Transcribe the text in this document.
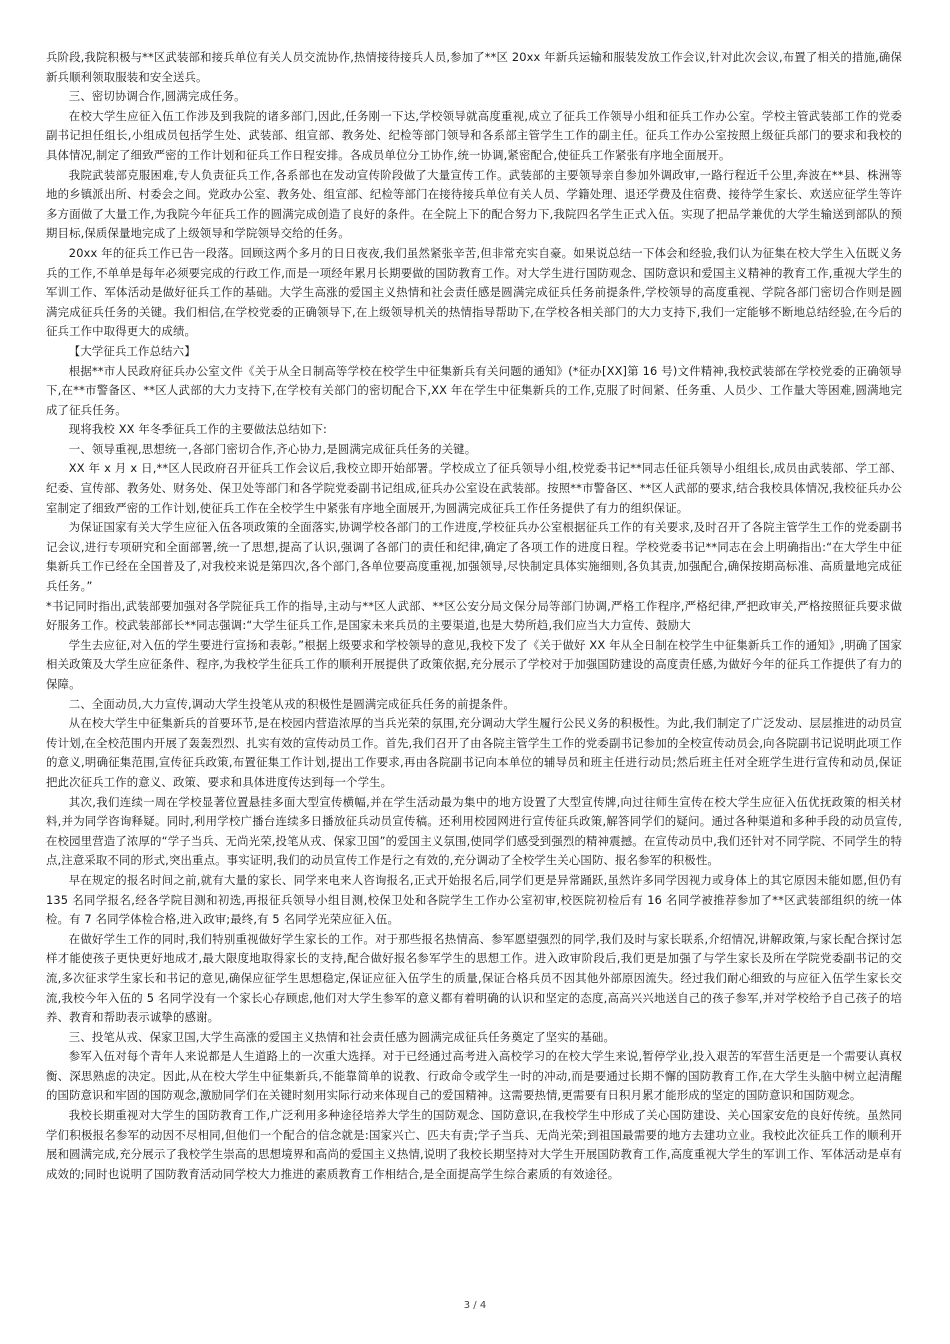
兵阶段,我院积极与**区武装部和接兵单位有关人员交流协作,热情接待接兵人员,参加了**区 20xx 年新兵运输和服装发放工作会议,针对此次会议,布置了相关的措施,确保新兵顺利领取服装和安全送兵。

三、密切协调合作,圆满完成任务。

在校大学生应征入伍工作涉及到我院的诸多部门,因此,任务刚一下达,学校领导就高度重视,成立了征兵工作领导小组和征兵工作办公室。学校主管武装部工作的党委副书记担任组长,小组成员包括学生处、武装部、组宣部、教务处、纪检等部门领导和各系部主管学生工作的副主任。征兵工作办公室按照上级征兵部门的要求和我校的具体情况,制定了细致严密的工作计划和征兵工作日程安排。各成员单位分工协作,统一协调,紧密配合,使征兵工作紧张有序地全面展开。

我院武装部克服困难,专人负责征兵工作,各系部也在发动宣传阶段做了大量宣传工作。武装部的主要领导亲自参加外调政审,一路行程近千公里,奔波在**县、株洲等地的乡镇派出所、村委会之间。党政办公室、教务处、组宣部、纪检等部门在接待接兵单位有关人员、学籍处理、退还学费及住宿费、接待学生家长、欢送应征学生等许多方面做了大量工作,为我院今年征兵工作的圆满完成创造了良好的条件。在全院上下的配合努力下,我院四名学生正式入伍。实现了把品学兼优的大学生输送到部队的预期目标,保质保量地完成了上级领导和学院领导交给的任务。

20xx 年的征兵工作已告一段落。回顾这两个多月的日日夜夜,我们虽然紧张辛苦,但非常充实自豪。如果说总结一下体会和经验,我们认为征集在校大学生入伍既义务兵的工作,不单单是每年必须要完成的行政工作,而是一项经年累月长期要做的国防教育工作。对大学生进行国防观念、国防意识和爱国主义精神的教育工作,重视大学生的军训工作、军体活动是做好征兵工作的基础。大学生高涨的爱国主义热情和社会责任感是圆满完成征兵任务前提条件,学校领导的高度重视、学院各部门密切合作则是圆满完成征兵任务的关键。我们相信,在学校党委的正确领导下,在上级领导机关的热情指导帮助下,在学校各相关部门的大力支持下,我们一定能够不断地总结经验,在今后的征兵工作中取得更大的成绩。

【大学征兵工作总结六】

根据**市人民政府征兵办公室文件《关于从全日制高等学校在校学生中征集新兵有关问题的通知》(*征办[XX]第 16 号)文件精神,我校武装部在学校党委的正确领导下,在**市警备区、**区人武部的大力支持下,在学校有关部门的密切配合下,XX 年在学生中征集新兵的工作,克服了时间紧、任务重、人员少、工作量大等困难,圆满地完成了征兵任务。

现将我校 XX 年冬季征兵工作的主要做法总结如下:

一、领导重视,思想统一,各部门密切合作,齐心协力,是圆满完成征兵任务的关键。

XX 年 x 月 x 日,**区人民政府召开征兵工作会议后,我校立即开始部署。学校成立了征兵领导小组,校党委书记**同志任征兵领导小组组长,成员由武装部、学工部、纪委、宣传部、教务处、财务处、保卫处等部门和各学院党委副书记组成,征兵办公室设在武装部。按照**市警备区、**区人武部的要求,结合我校具体情况,我校征兵办公室制定了细致严密的工作计划,使征兵工作在全校学生中紧张有序地全面展开,为圆满完成征兵工作任务提供了有力的组织保证。

为保证国家有关大学生应征入伍各项政策的全面落实,协调学校各部门的工作进度,学校征兵办公室根据征兵工作的有关要求,及时召开了各院主管学生工作的党委副书记会议,进行专项研究和全面部署,统一了思想,提高了认识,强调了各部门的责任和纪律,确定了各项工作的进度日程。学校党委书记**同志在会上明确指出:“在大学生中征集新兵工作已经在全国普及了,对我校来说是第四次,各个部门,各单位要高度重视,加强领导,尽快制定具体实施细则,各负其责,加强配合,确保按期高标准、高质量地完成征兵任务。”

*书记同时指出,武装部要加强对各学院征兵工作的指导,主动与**区人武部、**区公安分局文保分局等部门协调,严格工作程序,严格纪律,严把政审关,严格按照征兵要求做好服务工作。校武装部部长**同志强调:“大学生征兵工作,是国家未来兵员的主要渠道,也是大势所趋,我们应当大力宣传、鼓励大

学生去应征,对入伍的学生要进行宣扬和表彰。”根据上级要求和学校领导的意见,我校下发了《关于做好 XX 年从全日制在校学生中征集新兵工作的通知》,明确了国家相关政策及大学生应征条件、程序,为我校学生征兵工作的顺利开展提供了政策依据,充分展示了学校对于加强国防建设的高度责任感,为做好今年的征兵工作提供了有力的保障。

二、全面动员,大力宣传,调动大学生投笔从戎的积极性是圆满完成征兵任务的前提条件。

从在校大学生中征集新兵的首要环节,是在校园内营造浓厚的当兵光荣的氛围,充分调动大学生履行公民义务的积极性。为此,我们制定了广泛发动、层层推进的动员宣传计划,在全校范围内开展了轰轰烈烈、扎实有效的宣传动员工作。首先,我们召开了由各院主管学生工作的党委副书记参加的全校宣传动员会,向各院副书记说明此项工作的意义,明确征集范围,宣传征兵政策,布置征集工作计划,提出工作要求,再由各院副书记向本单位的辅导员和班主任进行动员;然后班主任对全班学生进行宣传和动员,保证把此次征兵工作的意义、政策、要求和具体进度传达到每一个学生。

其次,我们连续一周在学校显著位置悬挂多面大型宣传横幅,并在学生活动最为集中的地方设置了大型宣传牌,向过往师生宣传在校大学生应征入伍优抚政策的相关材料,并为同学咨询释疑。同时,利用学校广播台连续多日播放征兵动员宣传稿。还利用校园网进行宣传征兵政策,解答同学们的疑问。通过各种渠道和多种手段的动员宣传,在校园里营造了浓厚的“学子当兵、无尚光荣,投笔从戎、保家卫国”的爱国主义氛围,使同学们感受到强烈的精神震撼。在宣传动员中,我们还针对不同学院、不同学生的特点,注意采取不同的形式,突出重点。事实证明,我们的动员宣传工作是行之有效的,充分调动了全校学生关心国防、报名参军的积极性。

早在规定的报名时间之前,就有大量的家长、同学来电来人咨询报名,正式开始报名后,同学们更是异常踊跃,虽然许多同学因视力或身体上的其它原因未能如愿,但仍有 135 名同学报名,经各学院目测和初选,再报征兵领导小组目测,校保卫处和各院学生工作办公室初审,校医院初检后有 16 名同学被推荐参加了**区武装部组织的统一体检。有 7 名同学体检合格,进入政审;最终,有 5 名同学光荣应征入伍。

在做好学生工作的同时,我们特别重视做好学生家长的工作。对于那些报名热情高、参军愿望强烈的同学,我们及时与家长联系,介绍情况,讲解政策,与家长配合探讨怎样才能使孩子更快更好地成才,最大限度地取得家长的支持,配合做好报名参军学生的思想工作。进入政审阶段后,我们更是加强了与学生家长及所在学院党委副书记的交流,多次征求学生家长和书记的意见,确保应征学生思想稳定,保证应征入伍学生的质量,保证合格兵员不因其他外部原因流失。经过我们耐心细致的与应征入伍学生家长交流,我校今年入伍的 5 名同学没有一个家长心存顾虑,他们对大学生参军的意义都有着明确的认识和坚定的态度,高高兴兴地送自己的孩子参军,并对学校给予自己孩子的培养、教育和帮助表示诚挚的感谢。

三、投笔从戎、保家卫国,大学生高涨的爱国主义热情和社会责任感为圆满完成征兵任务奠定了坚实的基础。

参军入伍对每个青年人来说都是人生道路上的一次重大选择。对于已经通过高考进入高校学习的在校大学生来说,暂停学业,投入艰苦的军营生活更是一个需要认真权衡、深思熟虑的决定。因此,从在校大学生中征集新兵,不能靠简单的说教、行政命令或学生一时的冲动,而是要通过长期不懈的国防教育工作,在大学生头脑中树立起清醒的国防意识和牢固的国防观念,激励同学们在关键时刻用实际行动来体现自己的爱国精神。这需要热情,更需要有日积月累才能形成的坚定的国防意识和国防观念。

我校长期重视对大学生的国防教育工作,广泛利用多种途径培养大学生的国防观念、国防意识,在我校学生中形成了关心国防建设、关心国家安危的良好传统。虽然同学们积极报名参军的动因不尽相同,但他们一个配合的信念就是:国家兴亡、匹夫有责;学子当兵、无尚光荣;到祖国最需要的地方去建功立业。我校此次征兵工作的顺利开展和圆满完成,充分展示了我校学生崇高的思想境界和高尚的爱国主义热情,说明了我校长期坚持对大学生开展国防教育工作,高度重视大学生的军训工作、军体活动是卓有成效的;同时也说明了国防教育活动同学校大力推进的素质教育工作相结合,是全面提高学生综合素质的有效途径。

3 / 4
